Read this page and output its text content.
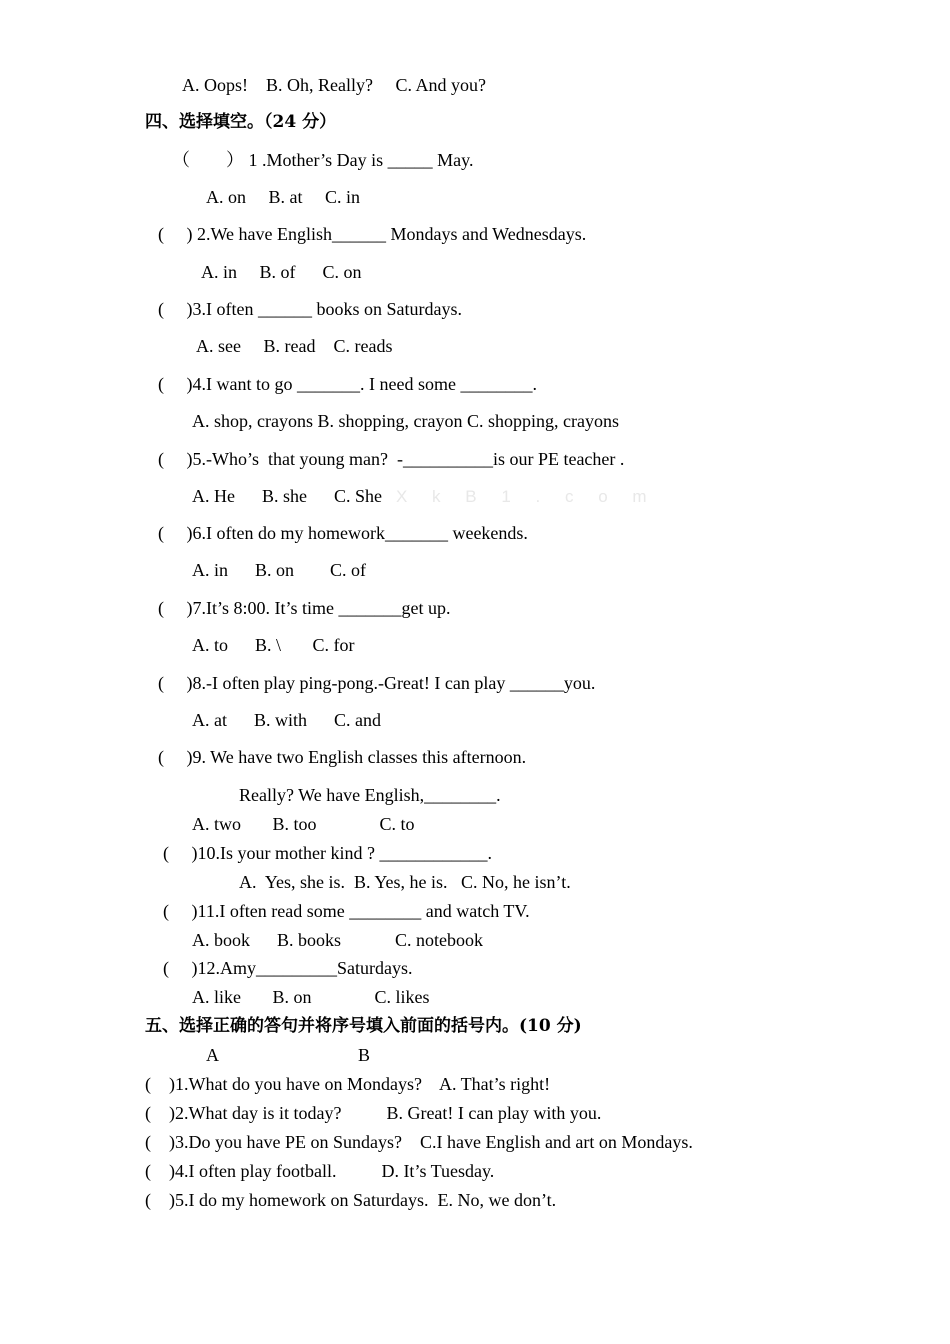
A. Oops!    B. Oh, Really?     C. And you?
四、选择填空。（24 分）
（        ） 1 .Mother’s Day is _____ May.
A. on     B. at     C. in
(     ) 2.We have English______ Mondays and Wednesdays.
A. in     B. of      C. on
(     )3.I often ______ books on Saturdays.
A. see     B. read    C. reads
(     )4.I want to go _______. I need some ________.
A. shop, crayons B. shopping, crayon C. shopping, crayons
(     )5.-Who’s  that young man?  -__________is our PE teacher .
A. He      B. she      C. She X k B 1 . c o m
(     )6.I often do my homework_______ weekends.
A. in      B. on        C. of
(     )7.It’s 8:00. It’s time _______get up.
A. to      B. \       C. for
(     )8.-I often play ping-pong.-Great! I can play ______you.
A. at      B. with      C. and
(     )9. We have two English classes this afternoon.
Really? We have English,________.
A. two       B. too              C. to
(     )10.Is your mother kind ? ____________.
A.  Yes, she is.  B. Yes, he is.   C. No, he isn’t.
(     )11.I often read some ________ and watch TV.
A. book      B. books            C. notebook
(     )12.Amy_________Saturdays.
A. like       B. on              C. likes
五、选择正确的答句并将序号填入前面的括号内。(10 分)
A	B
(    )1.What do you have on Mondays?    A. That’s right!
(    )2.What day is it today?          B. Great! I can play with you.
(    )3.Do you have PE on Sundays?    C.I have English and art on Mondays.
(    )4.I often play football.          D. It’s Tuesday.
(    )5.I do my homework on Saturdays.  E. No, we don’t.
